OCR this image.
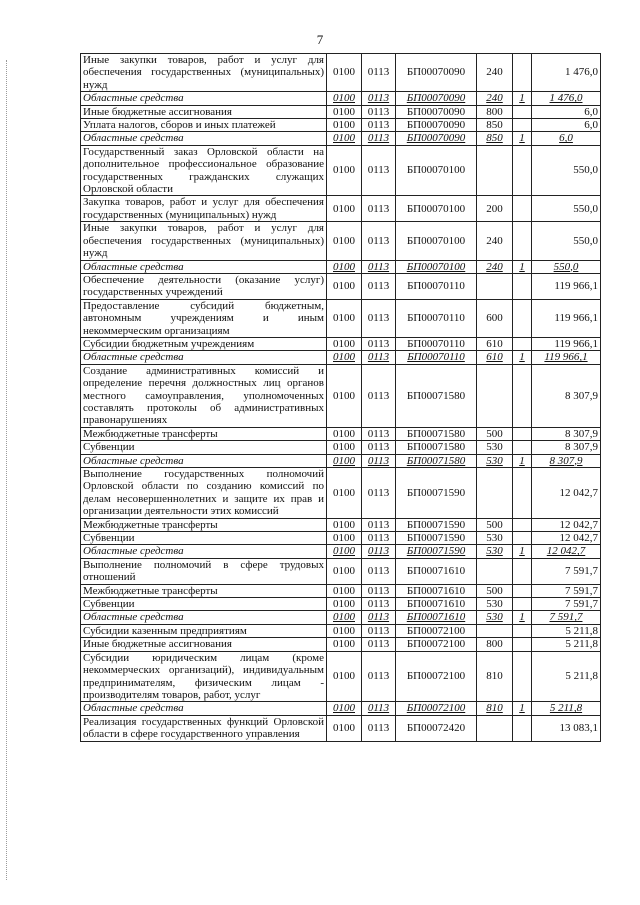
7
Иные закупки товаров, работ и услуг для обеспечения государственных (муниципальных) нужд	0100	0113	БП00070090	240		1 476,0
Областные средства	0100	0113	БП00070090	240	1	1 476,0
Иные бюджетные ассигнования	0100	0113	БП00070090	800		6,0
Уплата налогов, сборов и иных платежей	0100	0113	БП00070090	850		6,0
Областные средства	0100	0113	БП00070090	850	1	6,0
Государственный заказ Орловской области на дополнительное профессиональное образование государственных гражданских служащих Орловской области	0100	0113	БП00070100			550,0
Закупка товаров, работ и услуг для обеспечения государственных (муниципальных) нужд	0100	0113	БП00070100	200		550,0
Иные закупки товаров, работ и услуг для обеспечения государственных (муниципальных) нужд	0100	0113	БП00070100	240		550,0
Областные средства	0100	0113	БП00070100	240	1	550,0
Обеспечение деятельности (оказание услуг) государственных учреждений	0100	0113	БП00070110			119 966,1
Предоставление субсидий бюджетным, автономным учреждениям и иным некоммерческим организациям	0100	0113	БП00070110	600		119 966,1
Субсидии бюджетным учреждениям	0100	0113	БП00070110	610		119 966,1
Областные средства	0100	0113	БП00070110	610	1	119 966,1
Создание административных комиссий и определение перечня должностных лиц органов местного самоуправления, уполномоченных составлять протоколы об административных правонарушениях	0100	0113	БП00071580			8 307,9
Межбюджетные трансферты	0100	0113	БП00071580	500		8 307,9
Субвенции	0100	0113	БП00071580	530		8 307,9
Областные средства	0100	0113	БП00071580	530	1	8 307,9
Выполнение государственных полномочий Орловской области по созданию комиссий по делам несовершеннолетних и защите их прав и организации деятельности этих комиссий	0100	0113	БП00071590			12 042,7
Межбюджетные трансферты	0100	0113	БП00071590	500		12 042,7
Субвенции	0100	0113	БП00071590	530		12 042,7
Областные средства	0100	0113	БП00071590	530	1	12 042,7
Выполнение полномочий в сфере трудовых отношений	0100	0113	БП00071610			7 591,7
Межбюджетные трансферты	0100	0113	БП00071610	500		7 591,7
Субвенции	0100	0113	БП00071610	530		7 591,7
Областные средства	0100	0113	БП00071610	530	1	7 591,7
Субсидии казенным предприятиям	0100	0113	БП00072100			5 211,8
Иные бюджетные ассигнования	0100	0113	БП00072100	800		5 211,8
Субсидии юридическим лицам (кроме некоммерческих организаций), индивидуальным предпринимателям, физическим лицам - производителям товаров, работ, услуг	0100	0113	БП00072100	810		5 211,8
Областные средства	0100	0113	БП00072100	810	1	5 211,8
Реализация государственных функций Орловской области в сфере государственного управления	0100	0113	БП00072420			13 083,1
